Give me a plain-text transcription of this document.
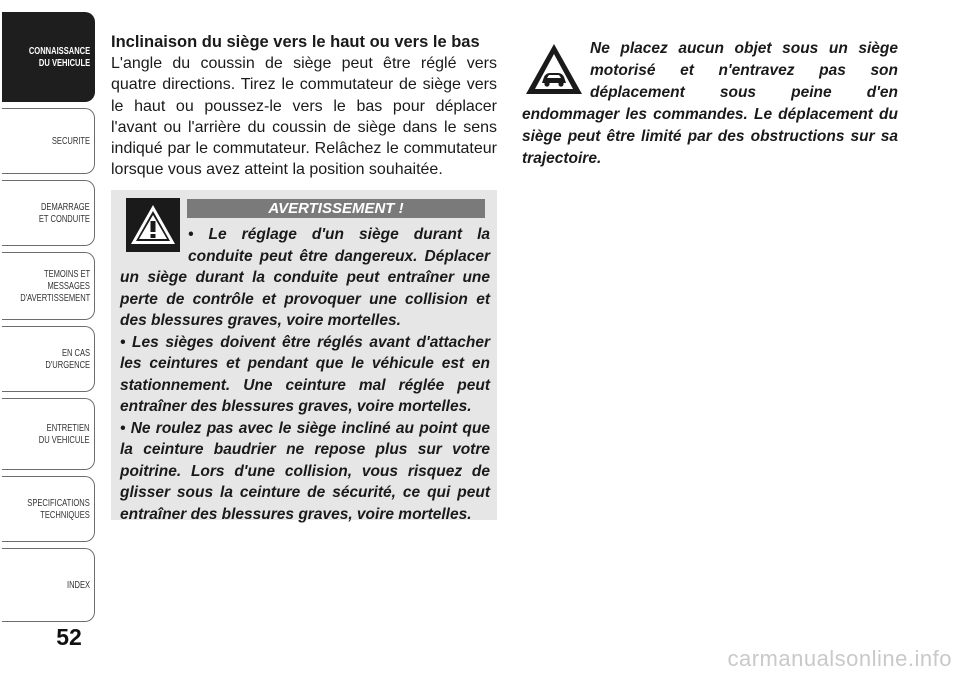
CONNAISSANCE
DU VEHICULE
SECURITE
DEMARRAGE
ET CONDUITE
TEMOINS ET
MESSAGES
D'AVERTISSEMENT
EN CAS
D'URGENCE
ENTRETIEN
DU VEHICULE
SPECIFICATIONS
TECHNIQUES
INDEX
52

Inclinaison du siège vers le haut ou vers le bas

L'angle du coussin de siège peut être réglé vers quatre directions. Tirez le commutateur de siège vers le haut ou poussez-le vers le bas pour déplacer l'avant ou l'arrière du coussin de siège dans le sens indiqué par le commutateur. Relâchez le commutateur lorsque vous avez atteint la position souhaitée.

AVERTISSEMENT !

• Le réglage d'un siège durant la conduite peut être dangereux. Déplacer un siège durant la conduite peut entraîner une perte de contrôle et provoquer une collision et des blessures graves, voire mortelles.

• Les sièges doivent être réglés avant d'attacher les ceintures et pendant que le véhicule est en stationnement. Une ceinture mal réglée peut entraîner des blessures graves, voire mortelles.

• Ne roulez pas avec le siège incliné au point que la ceinture baudrier ne repose plus sur votre poitrine. Lors d'une collision, vous risquez de glisser sous la ceinture de sécurité, ce qui peut entraîner des blessures graves, voire mortelles.

Ne placez aucun objet sous un siège motorisé et n'entravez pas son déplacement sous peine d'en endommager les commandes. Le déplacement du siège peut être limité par des obstructions sur sa trajectoire.

carmanualsonline.info
